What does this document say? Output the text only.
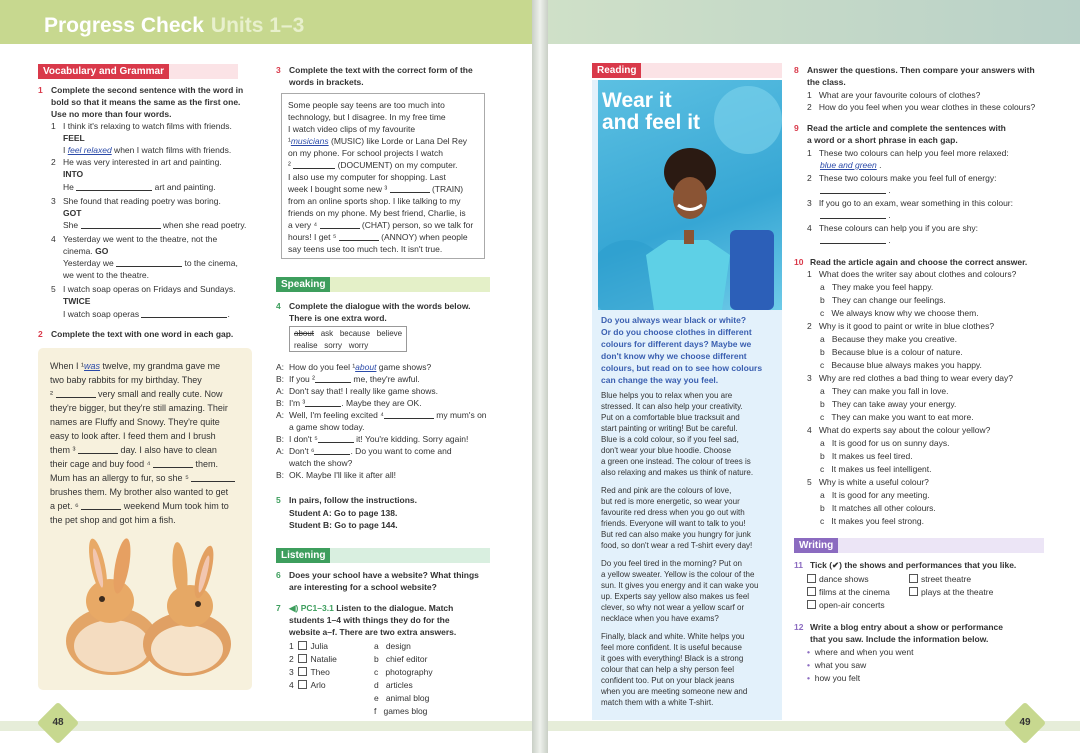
Progress Check Units 1–3
Vocabulary and Grammar
1 Complete the second sentence with the word in
bold so that it means the same as the first one.
Use no more than four words.
1 I think it's relaxing to watch films with friends.
FEEL
I feel relaxed when I watch films with friends.
2 He was very interested in art and painting.
INTO
He	art and painting.
3 She found that reading poetry was boring.
GOT
She	when she read poetry.
4 Yesterday we went to the theatre, not the
cinema. GO
Yesterday we	to the cinema,
we went to the theatre.
5 I watch soap operas on Fridays and Sundays.
TWICE
I watch soap operas	.
2 Complete the text with one word in each gap.
When I ¹was twelve, my grandma gave me
two baby rabbits for my birthday. They
²	very small and really cute. Now
they're bigger, but they're still amazing. Their
names are Fluffy and Snowy. They're quite
easy to look after. I feed them and I brush
them ³	day. I also have to clean
their cage and buy food ⁴	them.
Mum has an allergy to fur, so she ⁵
brushes them. My brother also wanted to get
a pet. ⁶	weekend Mum took him to
the pet shop and got him a fish.
3 Complete the text with the correct form of the
words in brackets.
Some people say teens are too much into
technology, but I disagree. In my free time
I watch video clips of my favourite
¹musicians (MUSIC) like Lorde or Lana Del Rey
on my phone. For school projects I watch
²	(DOCUMENT) on my computer.
I also use my computer for shopping. Last
week I bought some new ³	(TRAIN)
from an online sports shop. I like talking to my
friends on my phone. My best friend, Charlie, is
a very ⁴	(CHAT) person, so we talk for
hours! I get ⁵	(ANNOY) when people
say teens use too much tech. It isn't true.
Speaking
4 Complete the dialogue with the words below.
There is one extra word.
about ask because believe
realise sorry worry
A: How do you feel ¹about game shows?
B: If you ²	me, they're awful.
A: Don't say that! I really like game shows.
B: I'm ³	. Maybe they are OK.
A: Well, I'm feeling excited ⁴	my mum's on
a game show today.
B: I don't ⁵	it! You're kidding. Sorry again!
A: Don't ⁶	. Do you want to come and
watch the show?
B: OK. Maybe I'll like it after all!
5 In pairs, follow the instructions.
Student A: Go to page 138.
Student B: Go to page 144.
Listening
6 Does your school have a website? What things
are interesting for a school website?
7 ◀) PC1–3.1 Listen to the dialogue. Match
students 1–4 with things they do for the
website a–f. There are two extra answers.
1  Julia
2  Natalie
3  Theo
4  Arlo
a design
b chief editor
c photography
d articles
e animal blog
f games blog
48
Reading
Wear it
and feel it
Do you always wear black or white?
Or do you choose clothes in different
colours for different days? Maybe we
don't know why we choose different
colours, but read on to see how colours
can change the way you feel.
Blue helps you to relax when you are
stressed. It can also help your creativity.
Put on a comfortable blue tracksuit and
start painting or writing! But be careful.
Blue is a cold colour, so if you feel sad,
don't wear your blue hoodie. Choose
a green one instead. The colour of trees is
also relaxing and makes us think of nature.
Red and pink are the colours of love,
but red is more energetic, so wear your
favourite red dress when you go out with
friends. Everyone will want to talk to you!
But red can also make you hungry for junk
food, so don't wear a red T-shirt every day!
Do you feel tired in the morning? Put on
a yellow sweater. Yellow is the colour of the
sun. It gives you energy and it can wake you
up. Experts say yellow also makes us feel
clever, so why not wear a yellow scarf or
necklace when you have exams?
Finally, black and white. White helps you
feel more confident. It is useful because
it goes with everything! Black is a strong
colour that can help a shy person feel
confident too. Put on your black jeans
when you are meeting someone new and
match them with a white T-shirt.
8 Answer the questions. Then compare your answers with
the class.
1   What are your favourite colours of clothes?
2   How do you feel when you wear clothes in these colours?
9 Read the article and complete the sentences with
a word or a short phrase in each gap.
1   These two colours can help you feel more relaxed:
blue and green .
2   These two colours make you feel full of energy:
.
3   If you go to an exam, wear something in this colour:
.
4   These colours can help you if you are shy:
.
10 Read the article again and choose the correct answer.
1   What does the writer say about clothes and colours?
a   They make you feel happy.
b   They can change our feelings.
c   We always know why we choose them.
2   Why is it good to paint or write in blue clothes?
a   Because they make you creative.
b   Because blue is a colour of nature.
c   Because blue always makes you happy.
3   Why are red clothes a bad thing to wear every day?
a   They can make you fall in love.
b   They can take away your energy.
c   They can make you want to eat more.
4   What do experts say about the colour yellow?
a   It is good for us on sunny days.
b   It makes us feel tired.
c   It makes us feel intelligent.
5   Why is white a useful colour?
a   It is good for any meeting.
b   It matches all other colours.
c   It makes you feel strong.
Writing
11 Tick (✔) the shows and performances that you like.
dance shows
films at the cinema
open-air concerts
street theatre
plays at the theatre
12 Write a blog entry about a show or performance
that you saw. Include the information below.
• where and when you went
• what you saw
• how you felt
49
